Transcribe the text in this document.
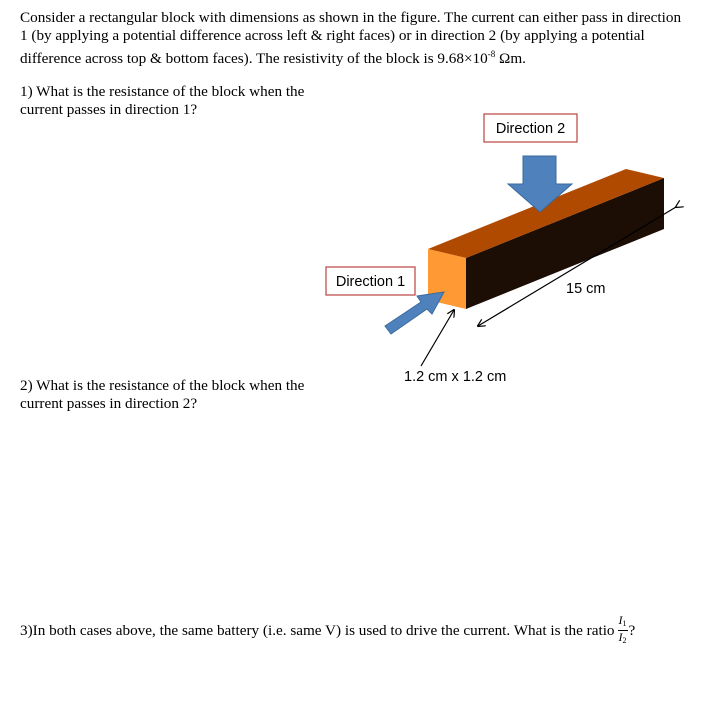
Consider a rectangular block with dimensions as shown in the figure. The current can either pass in direction 1 (by applying a potential difference across left & right faces) or in direction 2 (by applying a potential difference across top & bottom faces). The resistivity of the block is $9.68\times 10^{-8}$ Ωm.
1) What is the resistance of the block when the current passes in direction 1?
2) What is the resistance of the block when the current passes in direction 2?
3)In both cases above, the same battery (i.e. same V) is used to drive the current. What is the ratio $\frac{I_1}{I_2}$ ?
Direction 2
Direction 1	15 cm
1.2 cm x 1.2 cm
